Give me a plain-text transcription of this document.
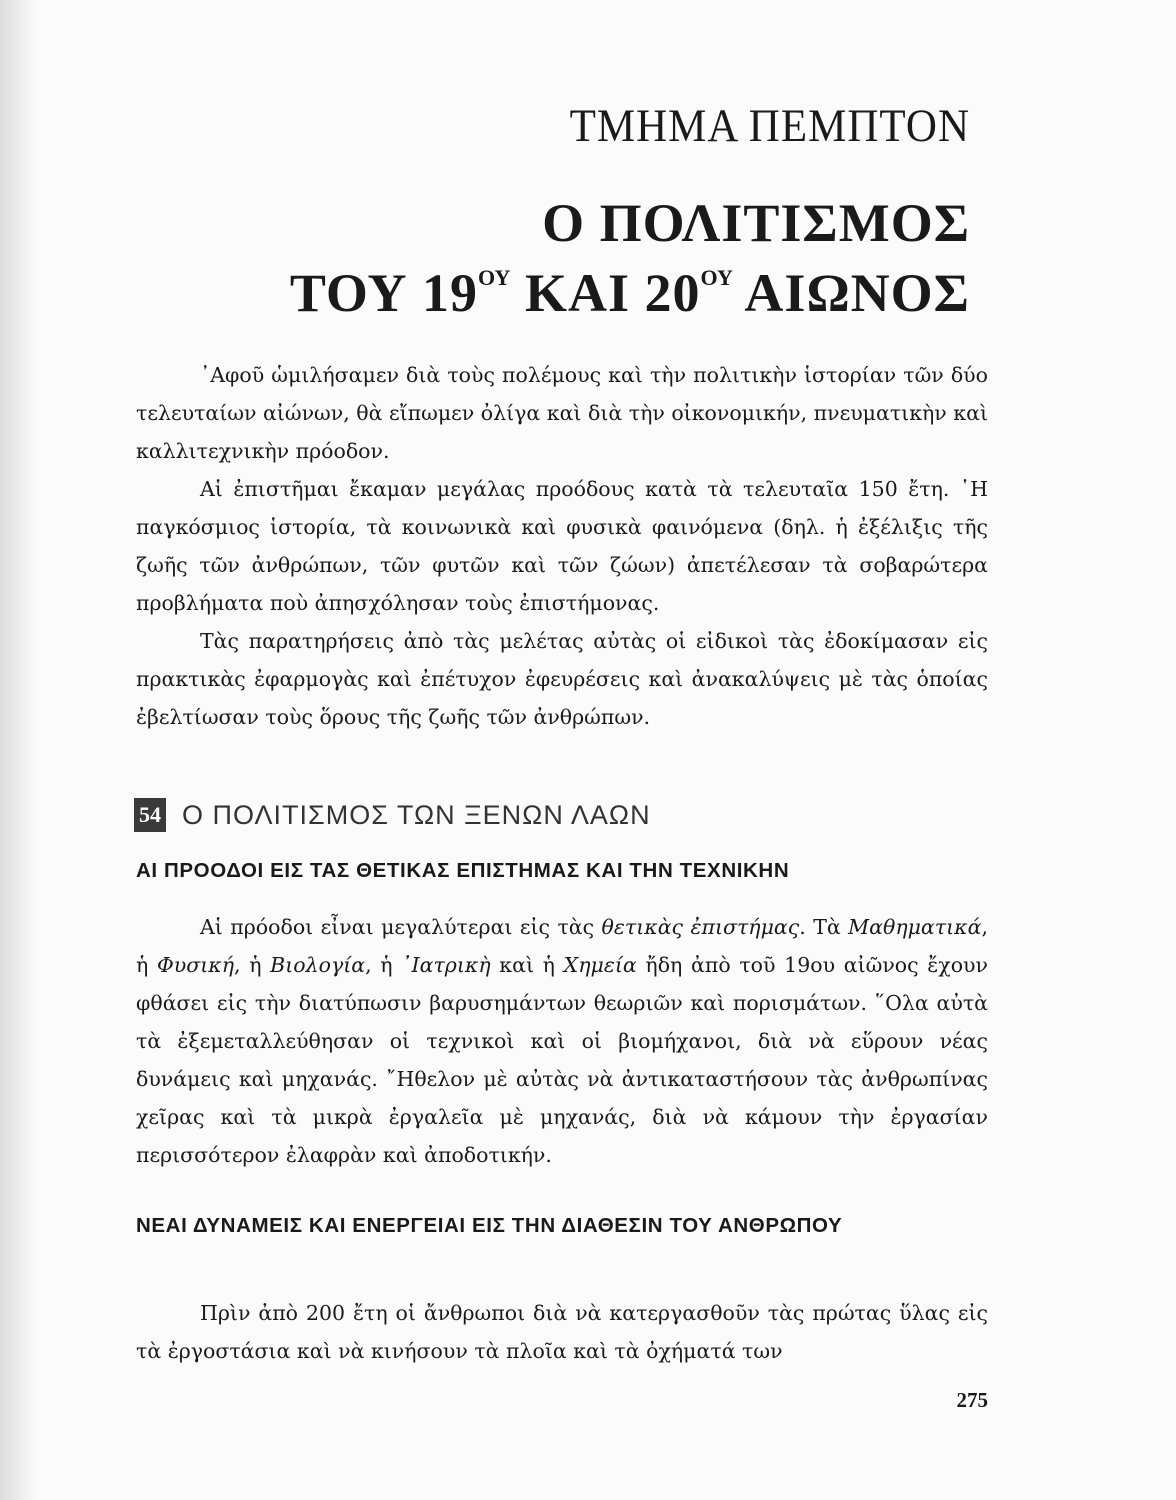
ΤΜΗΜΑ ΠΕΜΠΤΟΝ
Ο ΠΟΛΙΤΙΣΜΟΣ
ΤΟΥ $19^{O\Upsilon}$ ΚΑΙ $20^{O\Upsilon}$ ΑΙΩΝΟΣ

᾿Αφοῦ ὡμιλήσαμεν διὰ τοὺς πολέμους καὶ τὴν πολιτικὴν ἱστορίαν τῶν δύο τελευταίων αἰώνων, θὰ εἴπωμεν ὀλίγα καὶ διὰ τὴν οἰκονομικήν, πνευματικὴν καὶ καλλιτεχνικὴν πρόοδον.

Αἱ ἐπιστῆμαι ἔκαμαν μεγάλας προόδους κατὰ τὰ τελευταῖα 150 ἔτη. ῾Η παγκόσμιος ἱστορία, τὰ κοινωνικὰ καὶ φυσικὰ φαινόμενα (δηλ. ἡ ἐξέλιξις τῆς ζωῆς τῶν ἀνθρώπων, τῶν φυτῶν καὶ τῶν ζώων) ἀπετέλεσαν τὰ σοβαρώτερα προβλήματα ποὺ ἀπησχόλησαν τοὺς ἐπιστήμονας.

Τὰς παρατηρήσεις ἀπὸ τὰς μελέτας αὐτὰς οἱ εἰδικοὶ τὰς ἐδοκίμασαν εἰς πρακτικὰς ἐφαρμογὰς καὶ ἐπέτυχον ἐφευρέσεις καὶ ἀνακαλύψεις μὲ τὰς ὁποίας ἐβελτίωσαν τοὺς ὅρους τῆς ζωῆς τῶν ἀνθρώπων.

54 Ο ΠΟΛΙΤΙΣΜΟΣ ΤΩΝ ΞΕΝΩΝ ΛΑΩΝ
ΑΙ ΠΡΟΟΔΟΙ ΕΙΣ ΤΑΣ ΘΕΤΙΚΑΣ ΕΠΙΣΤΗΜΑΣ ΚΑΙ ΤΗΝ ΤΕΧΝΙΚΗΝ

Αἱ πρόοδοι εἶναι μεγαλύτεραι εἰς τὰς θετικὰς ἐπιστήμας. Τὰ Μαθηματικά, ἡ Φυσική, ἡ Βιολογία, ἡ ᾿Ιατρικὴ καὶ ἡ Χημεία ἤδη ἀπὸ τοῦ 19ου αἰῶνος ἔχουν φθάσει εἰς τὴν διατύπωσιν βαρυσημάντων θεωριῶν καὶ πορισμάτων. ῞Ολα αὐτὰ τὰ ἐξεμεταλλεύθησαν οἱ τεχνικοὶ καὶ οἱ βιομήχανοι, διὰ νὰ εὕρουν νέας δυνάμεις καὶ μηχανάς. ῎Ηθελον μὲ αὐτὰς νὰ ἀντικαταστήσουν τὰς ἀνθρωπίνας χεῖρας καὶ τὰ μικρὰ ἐργαλεῖα μὲ μηχανάς, διὰ νὰ κάμουν τὴν ἐργασίαν περισσότερον ἐλαφρὰν καὶ ἀποδοτικήν.

ΝΕΑΙ ΔΥΝΑΜΕΙΣ ΚΑΙ ΕΝΕΡΓΕΙΑΙ ΕΙΣ ΤΗΝ ΔΙΑΘΕΣΙΝ ΤΟΥ ΑΝΘΡΩΠΟΥ

Πρὶν ἀπὸ 200 ἔτη οἱ ἄνθρωποι διὰ νὰ κατεργασθοῦν τὰς πρώτας ὕλας εἰς τὰ ἐργοστάσια καὶ νὰ κινήσουν τὰ πλοῖα καὶ τὰ ὀχήματά των

275
